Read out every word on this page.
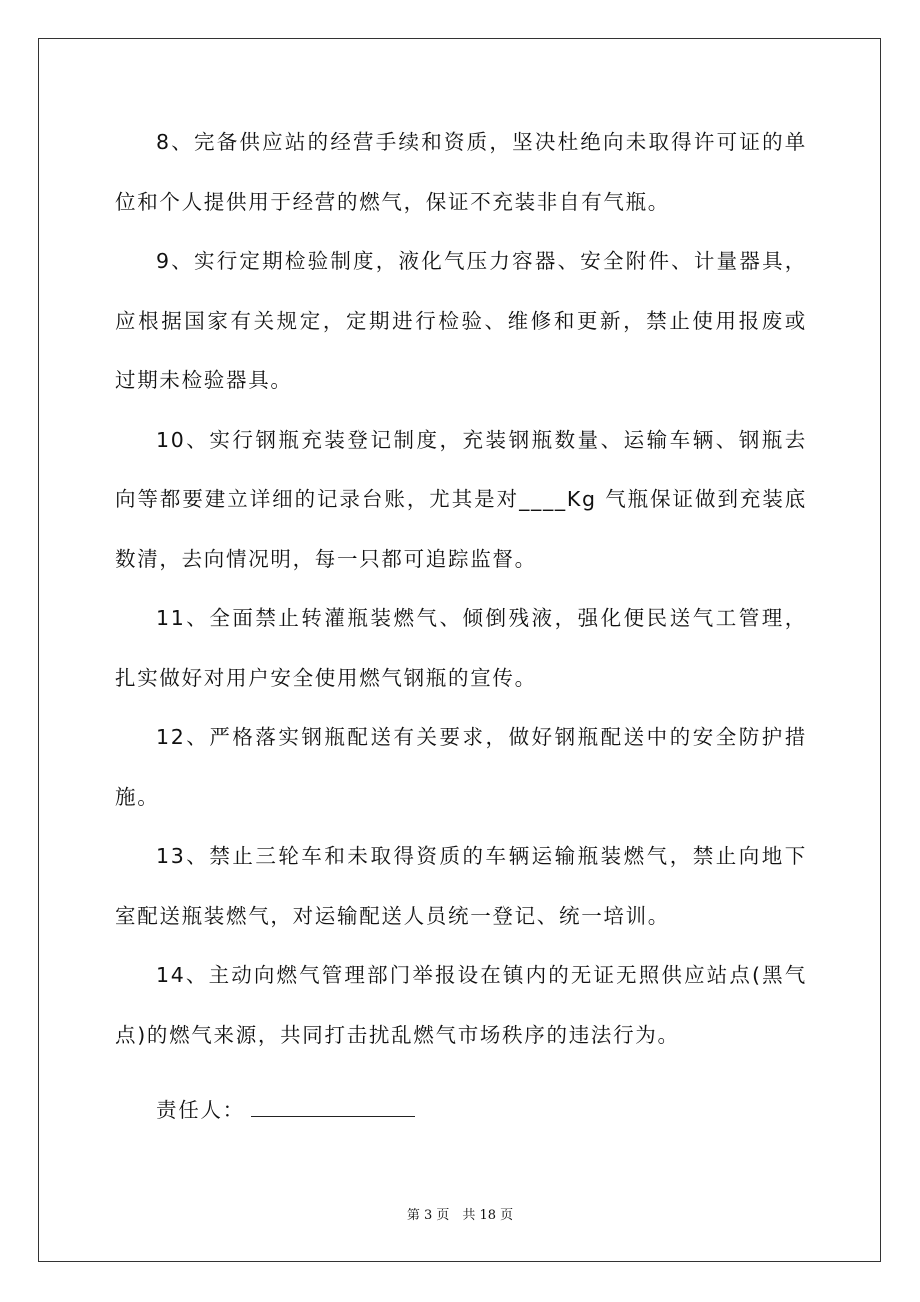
8、完备供应站的经营手续和资质，坚决杜绝向未取得许可证的单
位和个人提供用于经营的燃气，保证不充装非自有气瓶。
9、实行定期检验制度，液化气压力容器、安全附件、计量器具，
应根据国家有关规定，定期进行检验、维修和更新，禁止使用报废或
过期未检验器具。
10、实行钢瓶充装登记制度，充装钢瓶数量、运输车辆、钢瓶去
向等都要建立详细的记录台账，尤其是对____Kg 气瓶保证做到充装底
数清，去向情况明，每一只都可追踪监督。
11、全面禁止转灌瓶装燃气、倾倒残液，强化便民送气工管理，
扎实做好对用户安全使用燃气钢瓶的宣传。
12、严格落实钢瓶配送有关要求，做好钢瓶配送中的安全防护措
施。
13、禁止三轮车和未取得资质的车辆运输瓶装燃气，禁止向地下
室配送瓶装燃气，对运输配送人员统一登记、统一培训。
14、主动向燃气管理部门举报设在镇内的无证无照供应站点(黑气
点)的燃气来源，共同打击扰乱燃气市场秩序的违法行为。
责任人：
第 3 页　共 18 页
